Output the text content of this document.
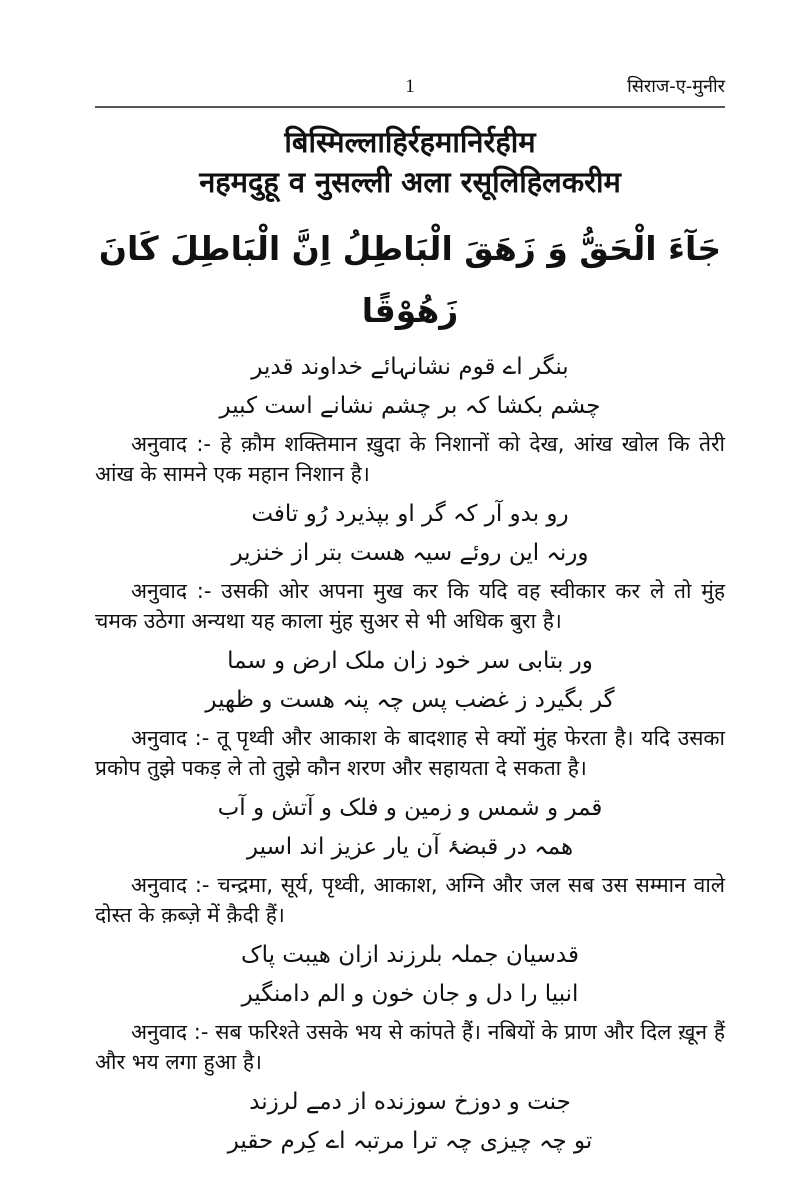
1	सिराज-ए-मुनीर
बिस्मिल्लाहिर्रहमानिर्रहीम
नहमदुहू व नुसल्ली अला रसूलिहिलकरीम
جَآءَ الْحَقُّ وَ زَهَقَ الْبَاطِلُ اِنَّ الْبَاطِلَ كَانَ زَهُوْقًا
بنگر اے قوم نشانہائے خداوند قدیر
چشم بکشا کہ بر چشم نشانے است کبیر

अनुवाद :- हे क़ौम शक्तिमान ख़ुदा के निशानों को देख, आंख खोल कि तेरी आंख के सामने एक महान निशान है।

رو بدو آر کہ گر او بپذیرد رُو تافت
ورنہ این روئے سیہ هست بتر از خنزیر

अनुवाद :- उसकी ओर अपना मुख कर कि यदि वह स्वीकार कर ले तो मुंह चमक उठेगा अन्यथा यह काला मुंह सुअर से भी अधिक बुरा है।

ور بتابی سر خود زان ملک ارض و سما
گر بگیرد ز غضب پس چہ پنہ هست و ظهیر

अनुवाद :- तू पृथ्वी और आकाश के बादशाह से क्यों मुंह फेरता है। यदि उसका प्रकोप तुझे पकड़ ले तो तुझे कौन शरण और सहायता दे सकता है।

قمر و شمس و زمین و فلک و آتش و آب
همہ در قبضۂ آن یار عزیز اند اسیر

अनुवाद :- चन्द्रमा, सूर्य, पृथ्वी, आकाश, अग्नि और जल सब उस सम्मान वाले दोस्त के क़ब्ज़े में क़ैदी हैं।

قدسیان جملہ بلرزند ازان هیبت پاک
انبیا را دل و جان خون و الم دامنگیر

अनुवाद :- सब फरिश्ते उसके भय से कांपते हैं। नबियों के प्राण और दिल ख़ून हैं और भय लगा हुआ है।

جنت و دوزخ سوزنده از دمے لرزند
تو چہ چیزی چہ ترا مرتبہ اے کِرم حقیر
